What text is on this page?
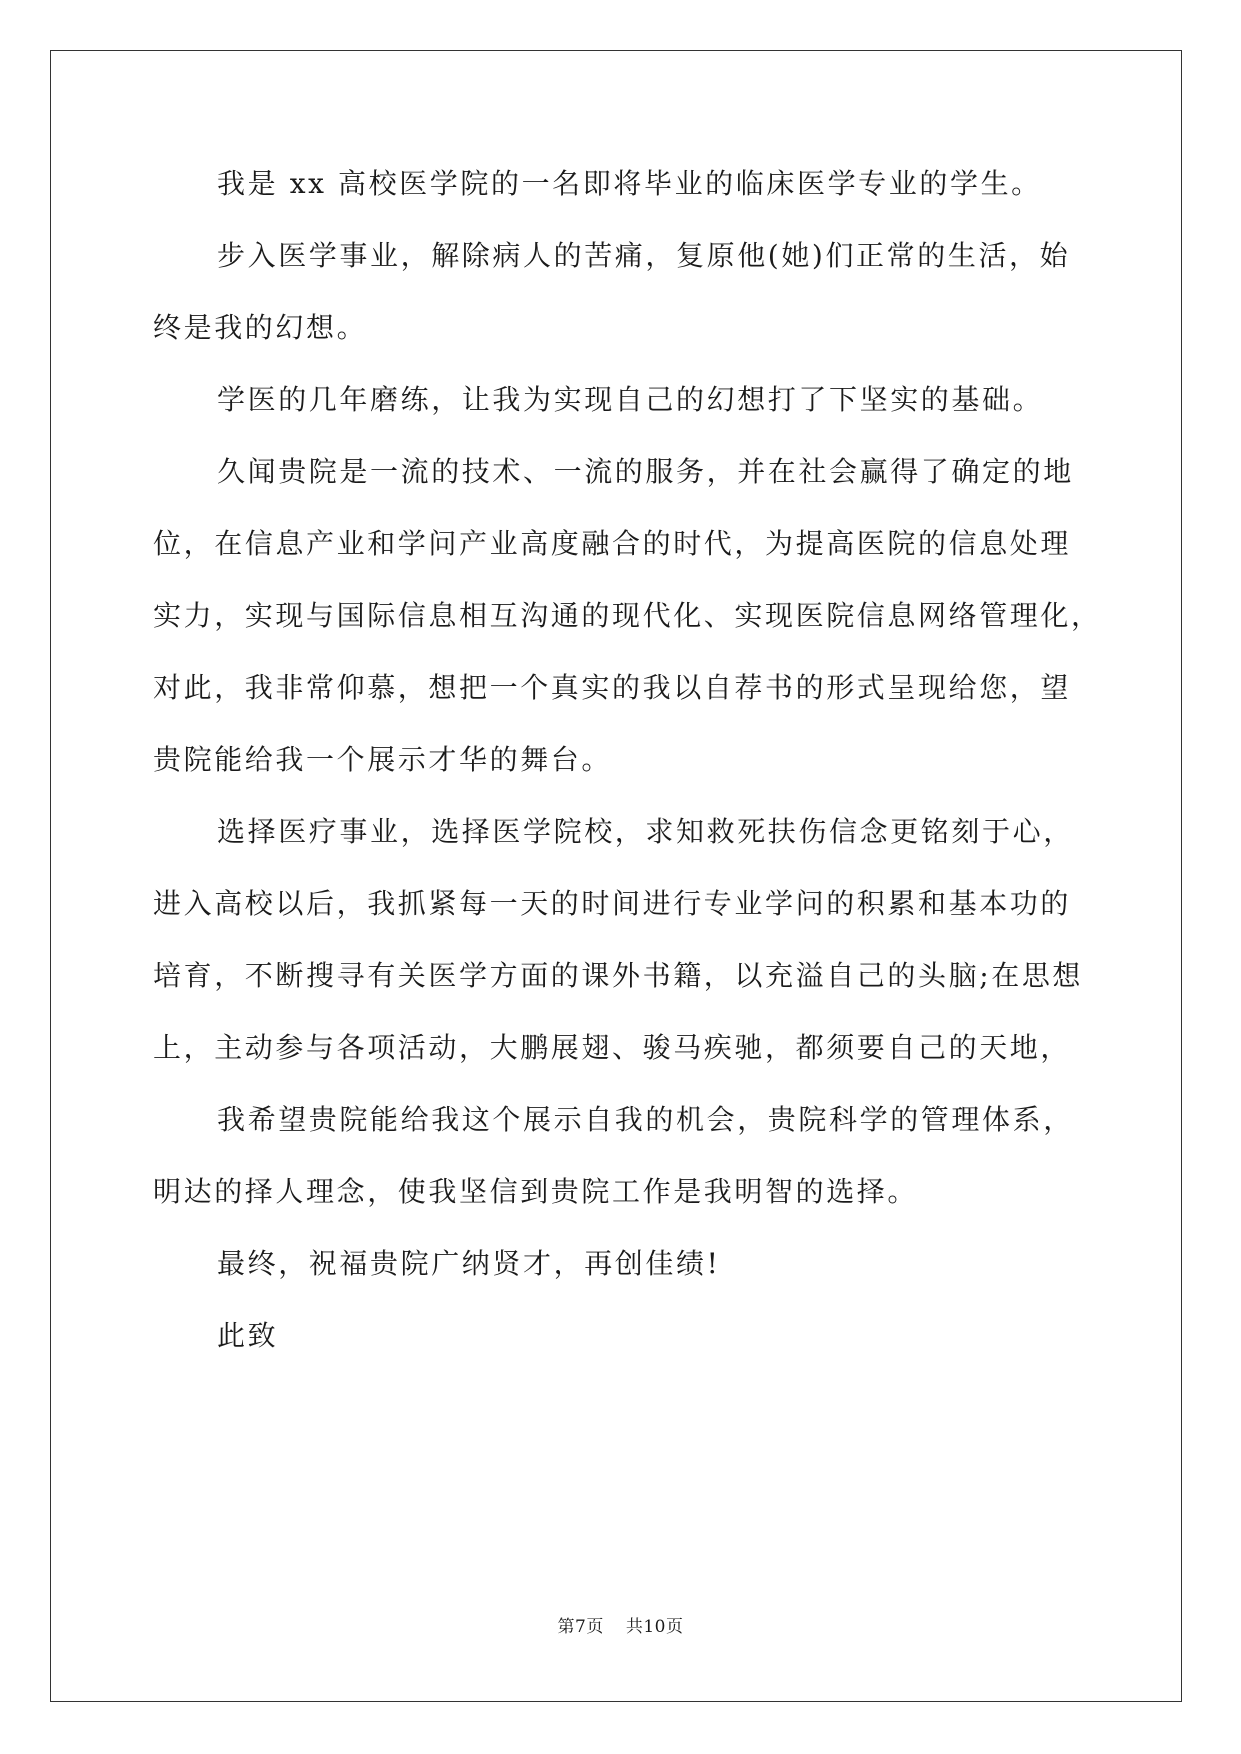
我是 xx 高校医学院的一名即将毕业的临床医学专业的学生。

步入医学事业，解除病人的苦痛，复原他(她)们正常的生活，始
终是我的幻想。

学医的几年磨练，让我为实现自己的幻想打了下坚实的基础。

久闻贵院是一流的技术、一流的服务，并在社会赢得了确定的地
位，在信息产业和学问产业高度融合的时代，为提高医院的信息处理
实力，实现与国际信息相互沟通的现代化、实现医院信息网络管理化，
对此，我非常仰慕，想把一个真实的我以自荐书的形式呈现给您，望
贵院能给我一个展示才华的舞台。

选择医疗事业，选择医学院校，求知救死扶伤信念更铭刻于心，
进入高校以后，我抓紧每一天的时间进行专业学问的积累和基本功的
培育，不断搜寻有关医学方面的课外书籍，以充溢自己的头脑;在思想
上，主动参与各项活动，大鹏展翅、骏马疾驰，都须要自己的天地，

我希望贵院能给我这个展示自我的机会，贵院科学的管理体系，
明达的择人理念，使我坚信到贵院工作是我明智的选择。

最终，祝福贵院广纳贤才，再创佳绩!

此致

第7页 共10页
